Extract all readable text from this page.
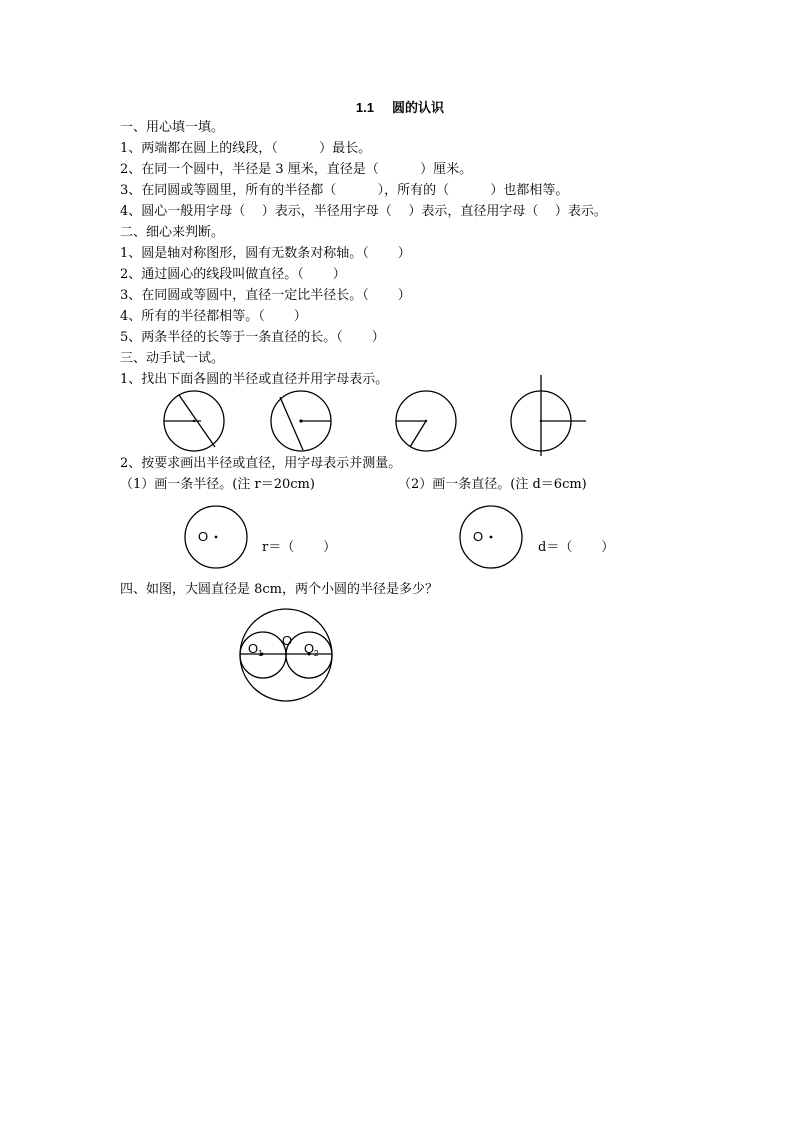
1.1     圆的认识
一、用心填一填。
1、两端都在圆上的线段，（          ）最长。
2、在同一个圆中，半径是 3 厘米，直径是（          ）厘米。
3、在同圆或等圆里，所有的半径都（          ），所有的（          ）也都相等。
4、圆心一般用字母（    ）表示，半径用字母（    ）表示，直径用字母（    ）表示。
二、细心来判断。
1、圆是轴对称图形，圆有无数条对称轴。（       ）
2、通过圆心的线段叫做直径。（       ）
3、在同圆或等圆中，直径一定比半径长。（       ）
4、所有的半径都相等。（       ）
5、两条半径的长等于一条直径的长。（       ）
三、动手试一试。
1、找出下面各圆的半径或直径并用字母表示。
2、按要求画出半径或直径，用字母表示并测量。
（1）画一条半径。(注 r＝20cm)	（2）画一条直径。(注 d＝6cm)
r＝（       ）	d＝（       ）
四、如图，大圆直径是 8cm，两个小圆的半径是多少？
O	O
O
O 1	O 2
